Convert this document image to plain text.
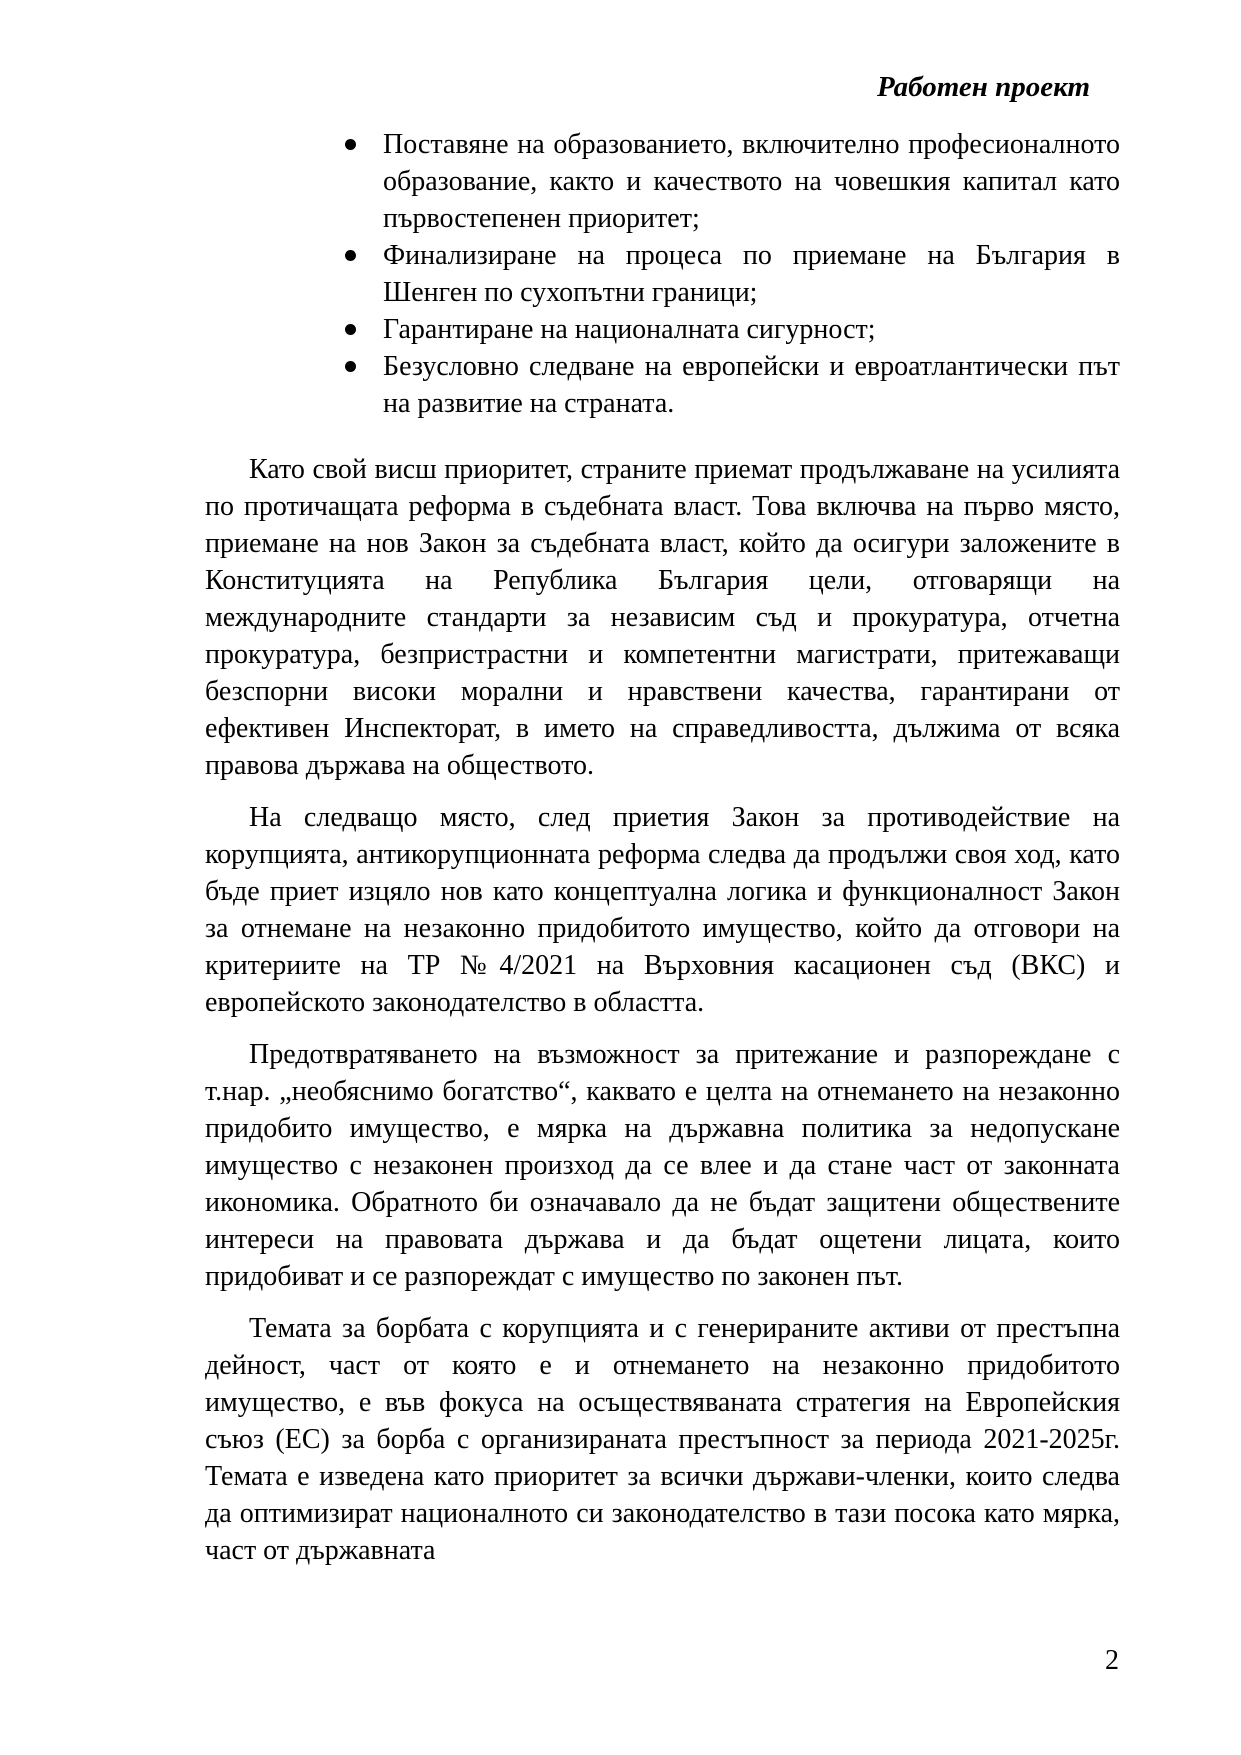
Работен проект
Поставяне на образованието, включително професионалното образование, както и качеството на човешкия капитал като първостепенен приоритет;
Финализиране на процеса по приемане на България в Шенген по сухопътни граници;
Гарантиране на националната сигурност;
Безусловно следване на европейски и евроатлантически път на развитие на страната.

Като свой висш приоритет, страните приемат продължаване на усилията по протичащата реформа в съдебната власт. Това включва на първо място, приемане на нов Закон за съдебната власт, който да осигури заложените в Конституцията на Република България цели, отговарящи на международните стандарти за независим съд и прокуратура, отчетна прокуратура, безпристрастни и компетентни магистрати, притежаващи безспорни високи морални и нравствени качества, гарантирани от ефективен Инспекторат, в името на справедливостта, дължима от всяка правова държава на обществото.

На следващо място, след приетия Закон за противодействие на корупцията, антикорупционната реформа следва да продължи своя ход, като бъде приет изцяло нов като концептуална логика и функционалност Закон за отнемане на незаконно придобитото имущество, който да отговори на критериите на ТР №4/2021 на Върховния касационен съд (ВКС) и европейското законодателство в областта.

Предотвратяването на възможност за притежание и разпореждане с т.нар. „необяснимо богатство“, каквато е целта на отнемането на незаконно придобито имущество, е мярка на държавна политика за недопускане имущество с незаконен произход да се влее и да стане част от законната икономика. Обратното би означавало да не бъдат защитени обществените интереси на правовата държава и да бъдат ощетени лицата, които придобиват и се разпореждат с имущество по законен път.

Темата за борбата с корупцията и с генерираните активи от престъпна дейност, част от която е и отнемането на незаконно придобитото имущество, е във фокуса на осъществяваната стратегия на Европейския съюз (ЕС) за борба с организираната престъпност за периода 2021-2025г. Темата е изведена като приоритет за всички държави-членки, които следва да оптимизират националното си законодателство в тази посока като мярка, част от държавната

2
